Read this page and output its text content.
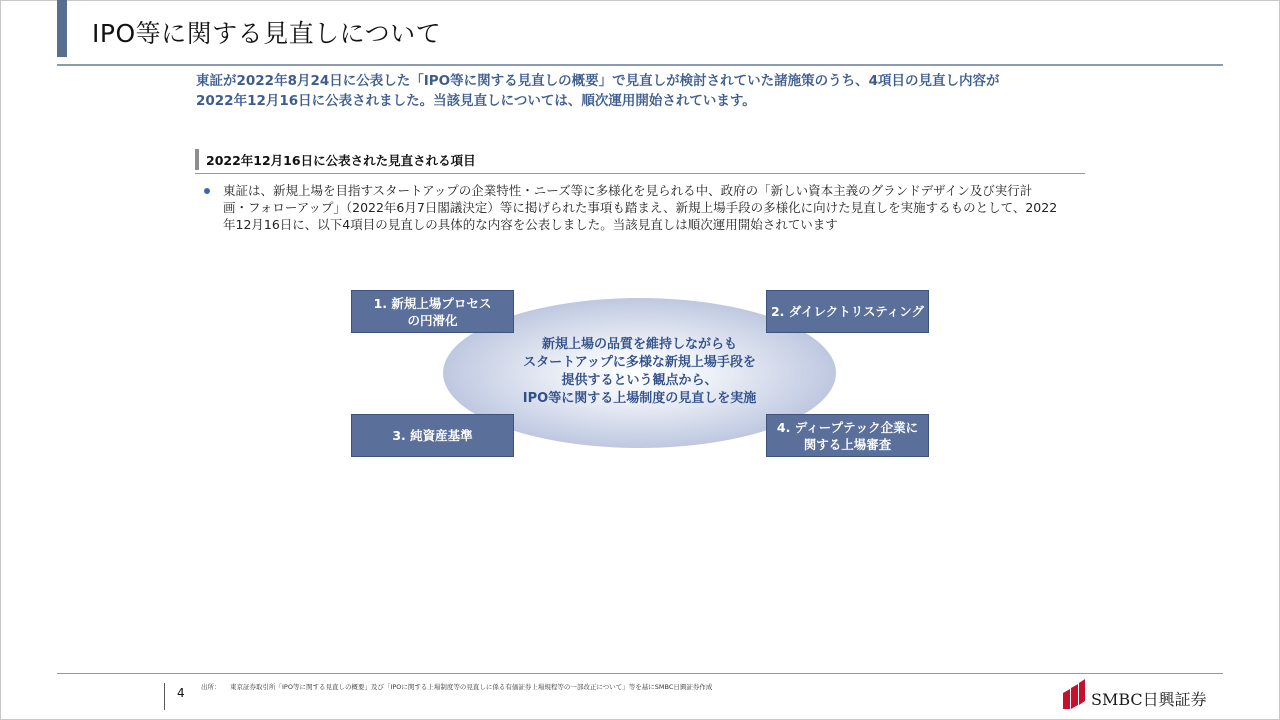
IPO等に関する見直しについて
東証が2022年8月24日に公表した「IPO等に関する見直しの概要」で見直しが検討されていた諸施策のうち、4項目の見直し内容が
2022年12月16日に公表されました。当該見直しについては、順次運用開始されています。
2022年12月16日に公表された見直される項目
東証は、新規上場を目指すスタートアップの企業特性・ニーズ等に多様化を見られる中、政府の「新しい資本主義のグランドデザイン及び実行計
画・フォローアップ」（2022年6月7日閣議決定）等に掲げられた事項も踏まえ、新規上場手段の多様化に向けた見直しを実施するものとして、2022
年12月16日に、以下4項目の見直しの具体的な内容を公表しました。当該見直しは順次運用開始されています
新規上場の品質を維持しながらも
スタートアップに多様な新規上場手段を
提供するという観点から、
IPO等に関する上場制度の見直しを実施
1. 新規上場プロセス
の円滑化
2. ダイレクトリスティング
3. 純資産基準
4. ディープテック企業に
関する上場審査
4	出所： 東京証券取引所「IPO等に関する見直しの概要」及び「IPOに関する上場制度等の見直しに係る有価証券上場規程等の一部改正について」等を基にSMBC日興証券作成
SMBC日興証券
